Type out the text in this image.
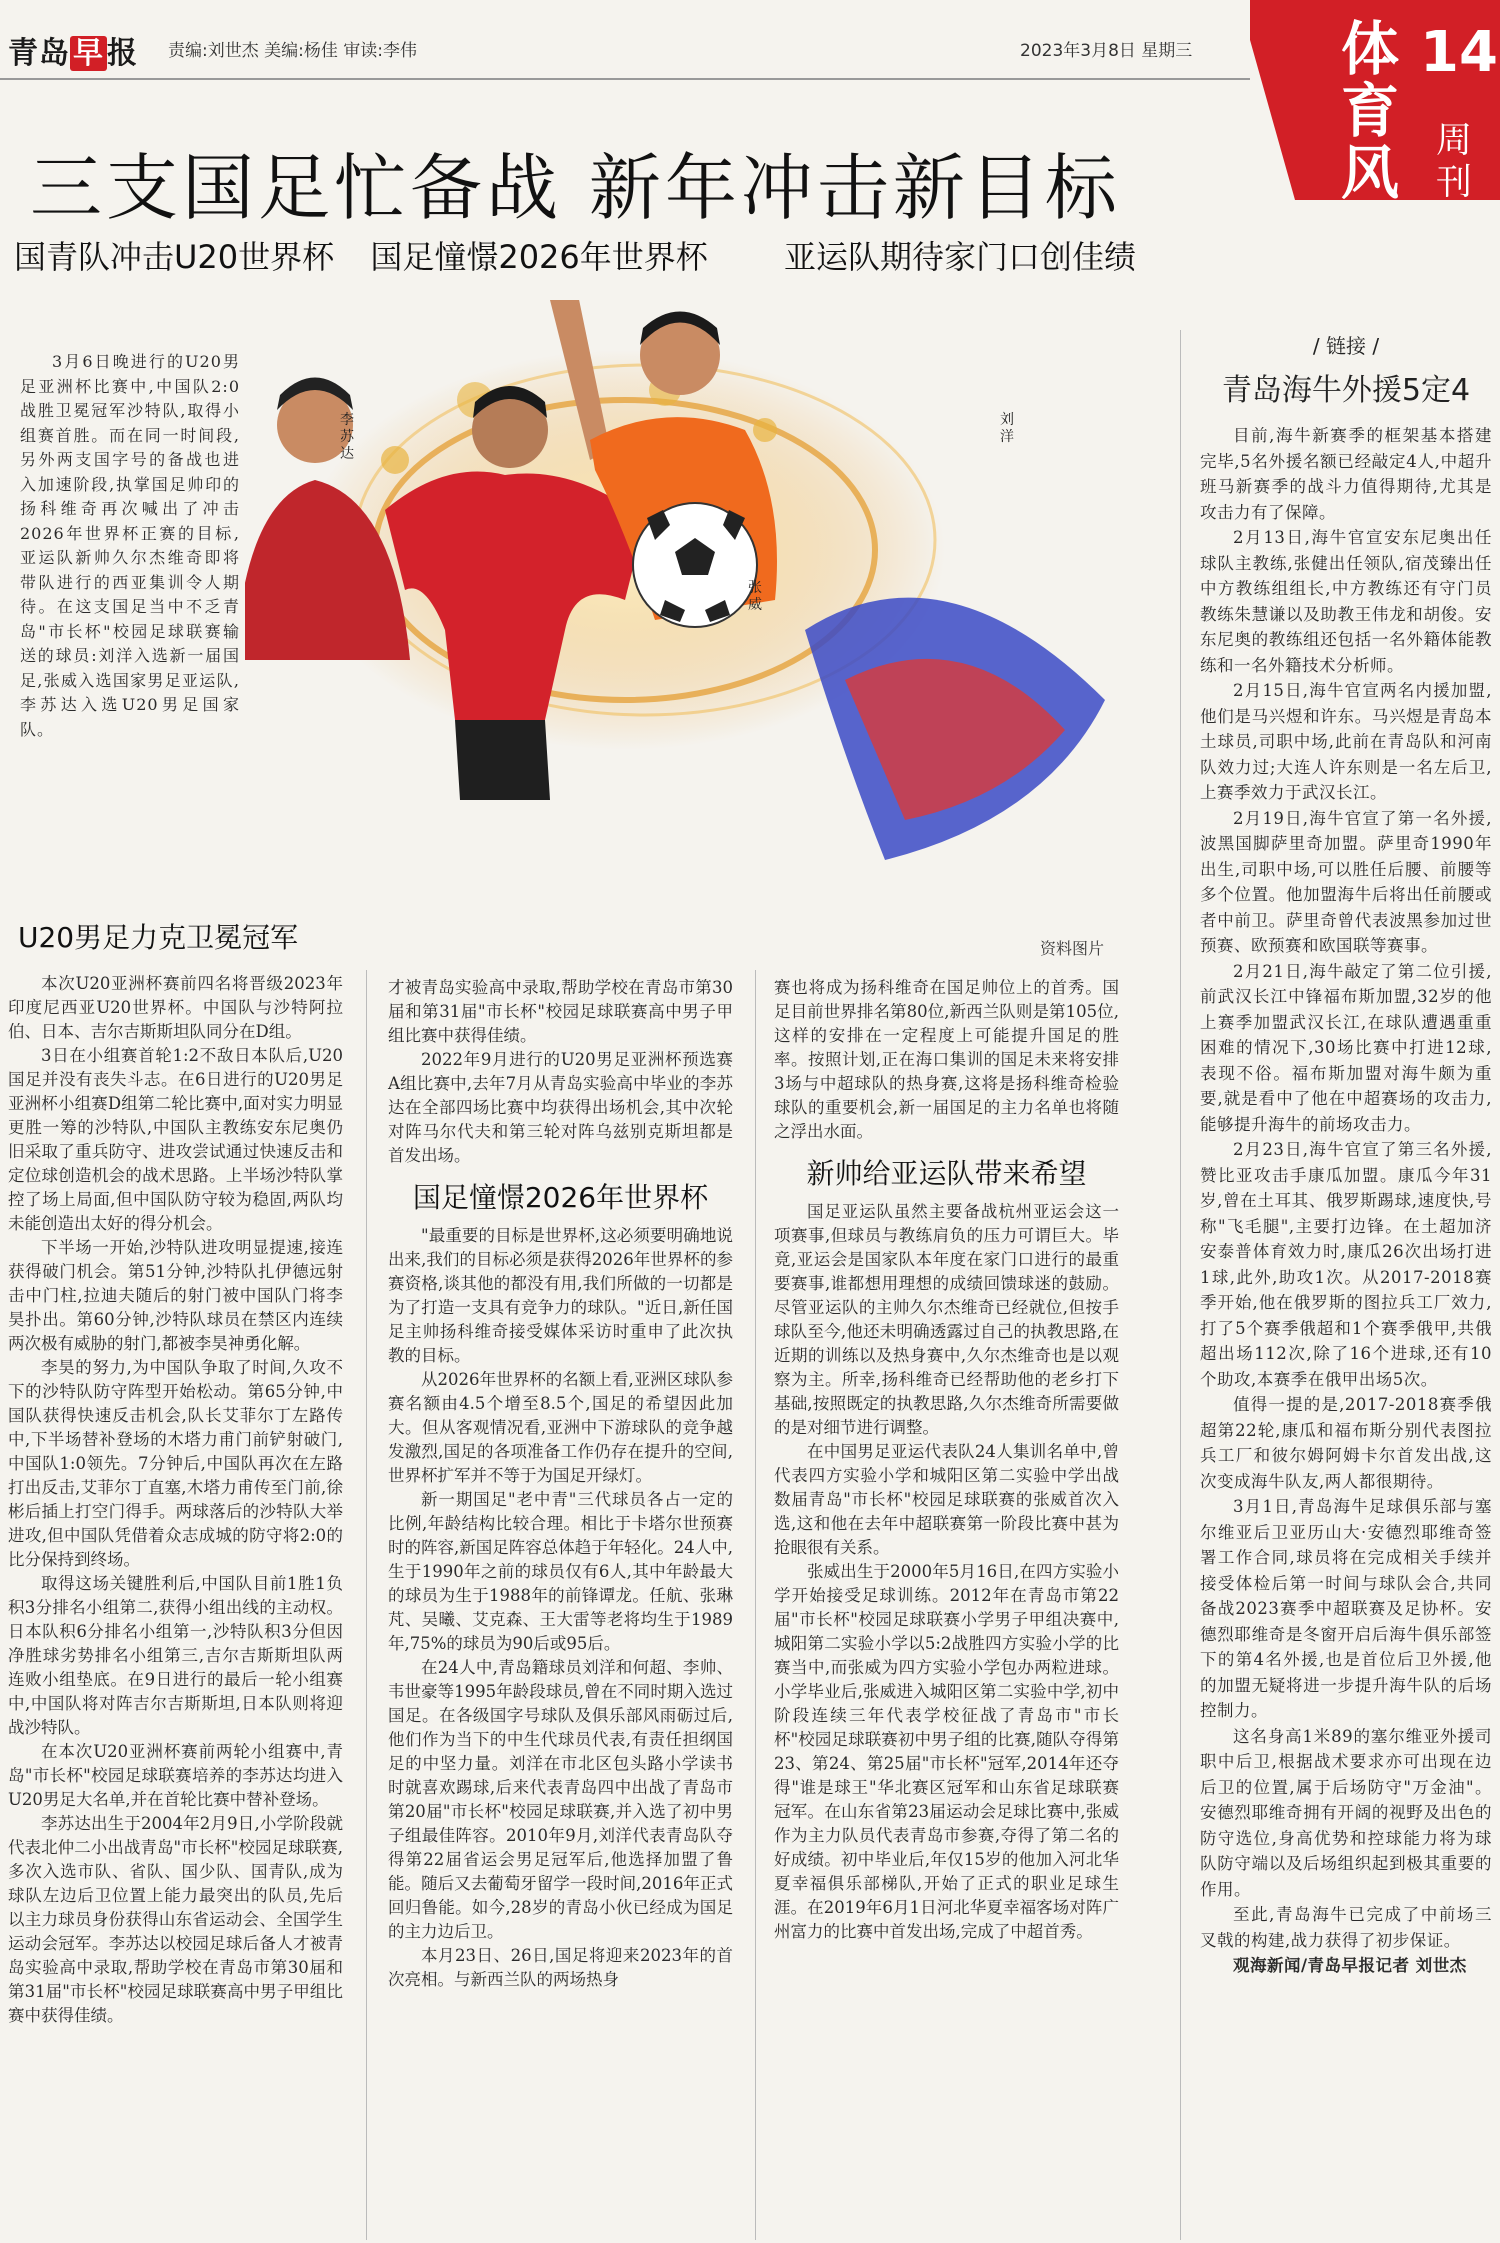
青岛 早 报 责编:刘世杰 美编:杨佳 审读:李伟	2023年3月8日 星期三	体育风
14
周刊
三支国足忙备战 新年冲击新目标
国青队冲击U20世界杯 国足憧憬2026年世界杯 亚运队期待家门口创佳绩

3月6日晚进行的U20男足亚洲杯比赛中,中国队2:0战胜卫冕冠军沙特队,取得小组赛首胜。而在同一时间段,另外两支国字号的备战也进入加速阶段,执掌国足帅印的扬科维奇再次喊出了冲击2026年世界杯正赛的目标,亚运队新帅久尔杰维奇即将带队进行的西亚集训令人期待。在这支国足当中不乏青岛"市长杯"校园足球联赛输送的球员:刘洋入选新一届国足,张威入选国家男足亚运队,李苏达入选U20男足国家队。

李苏达
张威
刘洋
资料图片
/ 链接 /
青岛海牛外援5定4

目前,海牛新赛季的框架基本搭建完毕,5名外援名额已经敲定4人,中超升班马新赛季的战斗力值得期待,尤其是攻击力有了保障。

2月13日,海牛官宣安东尼奥出任球队主教练,张健出任领队,宿茂臻出任中方教练组组长,中方教练还有守门员教练朱慧谦以及助教王伟龙和胡俊。安东尼奥的教练组还包括一名外籍体能教练和一名外籍技术分析师。

2月15日,海牛官宣两名内援加盟,他们是马兴煜和许东。马兴煜是青岛本土球员,司职中场,此前在青岛队和河南队效力过;大连人许东则是一名左后卫,上赛季效力于武汉长江。

2月19日,海牛官宣了第一名外援,波黑国脚萨里奇加盟。萨里奇1990年出生,司职中场,可以胜任后腰、前腰等多个位置。他加盟海牛后将出任前腰或者中前卫。萨里奇曾代表波黑参加过世预赛、欧预赛和欧国联等赛事。

2月21日,海牛敲定了第二位引援,前武汉长江中锋福布斯加盟,32岁的他上赛季加盟武汉长江,在球队遭遇重重困难的情况下,30场比赛中打进12球,表现不俗。福布斯加盟对海牛颇为重要,就是看中了他在中超赛场的攻击力,能够提升海牛的前场攻击力。

2月23日,海牛官宣了第三名外援,赞比亚攻击手康瓜加盟。康瓜今年31岁,曾在土耳其、俄罗斯踢球,速度快,号称"飞毛腿",主要打边锋。在土超加济安泰普体育效力时,康瓜26次出场打进1球,此外,助攻1次。从2017-2018赛季开始,他在俄罗斯的图拉兵工厂效力,打了5个赛季俄超和1个赛季俄甲,共俄超出场112次,除了16个进球,还有10个助攻,本赛季在俄甲出场5次。

值得一提的是,2017-2018赛季俄超第22轮,康瓜和福布斯分别代表图拉兵工厂和彼尔姆阿姆卡尔首发出战,这次变成海牛队友,两人都很期待。

3月1日,青岛海牛足球俱乐部与塞尔维亚后卫亚历山大·安德烈耶维奇签署工作合同,球员将在完成相关手续并接受体检后第一时间与球队会合,共同备战2023赛季中超联赛及足协杯。安德烈耶维奇是冬窗开启后海牛俱乐部签下的第4名外援,也是首位后卫外援,他的加盟无疑将进一步提升海牛队的后场控制力。

这名身高1米89的塞尔维亚外援司职中后卫,根据战术要求亦可出现在边后卫的位置,属于后场防守"万金油"。安德烈耶维奇拥有开阔的视野及出色的防守选位,身高优势和控球能力将为球队防守端以及后场组织起到极其重要的作用。

至此,青岛海牛已完成了中前场三叉戟的构建,战力获得了初步保证。

观海新闻/青岛早报记者 刘世杰

U20男足力克卫冕冠军

本次U20亚洲杯赛前四名将晋级2023年印度尼西亚U20世界杯。中国队与沙特阿拉伯、日本、吉尔吉斯斯坦队同分在D组。

3日在小组赛首轮1:2不敌日本队后,U20国足并没有丧失斗志。在6日进行的U20男足亚洲杯小组赛D组第二轮比赛中,面对实力明显更胜一筹的沙特队,中国队主教练安东尼奥仍旧采取了重兵防守、进攻尝试通过快速反击和定位球创造机会的战术思路。上半场沙特队掌控了场上局面,但中国队防守较为稳固,两队均未能创造出太好的得分机会。

下半场一开始,沙特队进攻明显提速,接连获得破门机会。第51分钟,沙特队扎伊德远射击中门柱,拉迪夫随后的射门被中国队门将李昊扑出。第60分钟,沙特队球员在禁区内连续两次极有威胁的射门,都被李昊神勇化解。

李昊的努力,为中国队争取了时间,久攻不下的沙特队防守阵型开始松动。第65分钟,中国队获得快速反击机会,队长艾菲尔丁左路传中,下半场替补登场的木塔力甫门前铲射破门,中国队1:0领先。7分钟后,中国队再次在左路打出反击,艾菲尔丁直塞,木塔力甫传至门前,徐彬后插上打空门得手。两球落后的沙特队大举进攻,但中国队凭借着众志成城的防守将2:0的比分保持到终场。

取得这场关键胜利后,中国队目前1胜1负积3分排名小组第二,获得小组出线的主动权。日本队积6分排名小组第一,沙特队积3分但因净胜球劣势排名小组第三,吉尔吉斯斯坦队两连败小组垫底。在9日进行的最后一轮小组赛中,中国队将对阵吉尔吉斯斯坦,日本队则将迎战沙特队。

在本次U20亚洲杯赛前两轮小组赛中,青岛"市长杯"校园足球联赛培养的李苏达均进入U20男足大名单,并在首轮比赛中替补登场。

李苏达出生于2004年2月9日,小学阶段就代表北仲二小出战青岛"市长杯"校园足球联赛,多次入选市队、省队、国少队、国青队,成为球队左边后卫位置上能力最突出的队员,先后以主力球员身份获得山东省运动会、全国学生运动会冠军。李苏达以校园足球后备人才被青岛实验高中录取,帮助学校在青岛市第30届和第31届"市长杯"校园足球联赛高中男子甲组比赛中获得佳绩。

才被青岛实验高中录取,帮助学校在青岛市第30届和第31届"市长杯"校园足球联赛高中男子甲组比赛中获得佳绩。

2022年9月进行的U20男足亚洲杯预选赛A组比赛中,去年7月从青岛实验高中毕业的李苏达在全部四场比赛中均获得出场机会,其中次轮对阵马尔代夫和第三轮对阵乌兹别克斯坦都是首发出场。

国足憧憬2026年世界杯

"最重要的目标是世界杯,这必须要明确地说出来,我们的目标必须是获得2026年世界杯的参赛资格,谈其他的都没有用,我们所做的一切都是为了打造一支具有竞争力的球队。"近日,新任国足主帅扬科维奇接受媒体采访时重申了此次执教的目标。

从2026年世界杯的名额上看,亚洲区球队参赛名额由4.5个增至8.5个,国足的希望因此加大。但从客观情况看,亚洲中下游球队的竞争越发激烈,国足的各项准备工作仍存在提升的空间,世界杯扩军并不等于为国足开绿灯。

新一期国足"老中青"三代球员各占一定的比例,年龄结构比较合理。相比于卡塔尔世预赛时的阵容,新国足阵容总体趋于年轻化。24人中,生于1990年之前的球员仅有6人,其中年龄最大的球员为生于1988年的前锋谭龙。任航、张琳芃、吴曦、艾克森、王大雷等老将均生于1989年,75%的球员为90后或95后。

在24人中,青岛籍球员刘洋和何超、李帅、韦世豪等1995年龄段球员,曾在不同时期入选过国足。在各级国字号球队及俱乐部风雨砺过后,他们作为当下的中生代球员代表,有责任担纲国足的中坚力量。刘洋在市北区包头路小学读书时就喜欢踢球,后来代表青岛四中出战了青岛市第20届"市长杯"校园足球联赛,并入选了初中男子组最佳阵容。2010年9月,刘洋代表青岛队夺得第22届省运会男足冠军后,他选择加盟了鲁能。随后又去葡萄牙留学一段时间,2016年正式回归鲁能。如今,28岁的青岛小伙已经成为国足的主力边后卫。

本月23日、26日,国足将迎来2023年的首次亮相。与新西兰队的两场热身

赛也将成为扬科维奇在国足帅位上的首秀。国足目前世界排名第80位,新西兰队则是第105位,这样的安排在一定程度上可能提升国足的胜率。按照计划,正在海口集训的国足未来将安排3场与中超球队的热身赛,这将是扬科维奇检验球队的重要机会,新一届国足的主力名单也将随之浮出水面。

新帅给亚运队带来希望

国足亚运队虽然主要备战杭州亚运会这一项赛事,但球员与教练肩负的压力可谓巨大。毕竟,亚运会是国家队本年度在家门口进行的最重要赛事,谁都想用理想的成绩回馈球迷的鼓励。尽管亚运队的主帅久尔杰维奇已经就位,但按手球队至今,他还未明确透露过自己的执教思路,在近期的训练以及热身赛中,久尔杰维奇也是以观察为主。所幸,扬科维奇已经帮助他的老乡打下基础,按照既定的执教思路,久尔杰维奇所需要做的是对细节进行调整。

在中国男足亚运代表队24人集训名单中,曾代表四方实验小学和城阳区第二实验中学出战数届青岛"市长杯"校园足球联赛的张威首次入选,这和他在去年中超联赛第一阶段比赛中甚为抢眼很有关系。

张威出生于2000年5月16日,在四方实验小学开始接受足球训练。2012年在青岛市第22届"市长杯"校园足球联赛小学男子甲组决赛中,城阳第二实验小学以5:2战胜四方实验小学的比赛当中,而张威为四方实验小学包办两粒进球。小学毕业后,张威进入城阳区第二实验中学,初中阶段连续三年代表学校征战了青岛市"市长杯"校园足球联赛初中男子组的比赛,随队夺得第23、第24、第25届"市长杯"冠军,2014年还夺得"谁是球王"华北赛区冠军和山东省足球联赛冠军。在山东省第23届运动会足球比赛中,张威作为主力队员代表青岛市参赛,夺得了第二名的好成绩。初中毕业后,年仅15岁的他加入河北华夏幸福俱乐部梯队,开始了正式的职业足球生涯。在2019年6月1日河北华夏幸福客场对阵广州富力的比赛中首发出场,完成了中超首秀。
